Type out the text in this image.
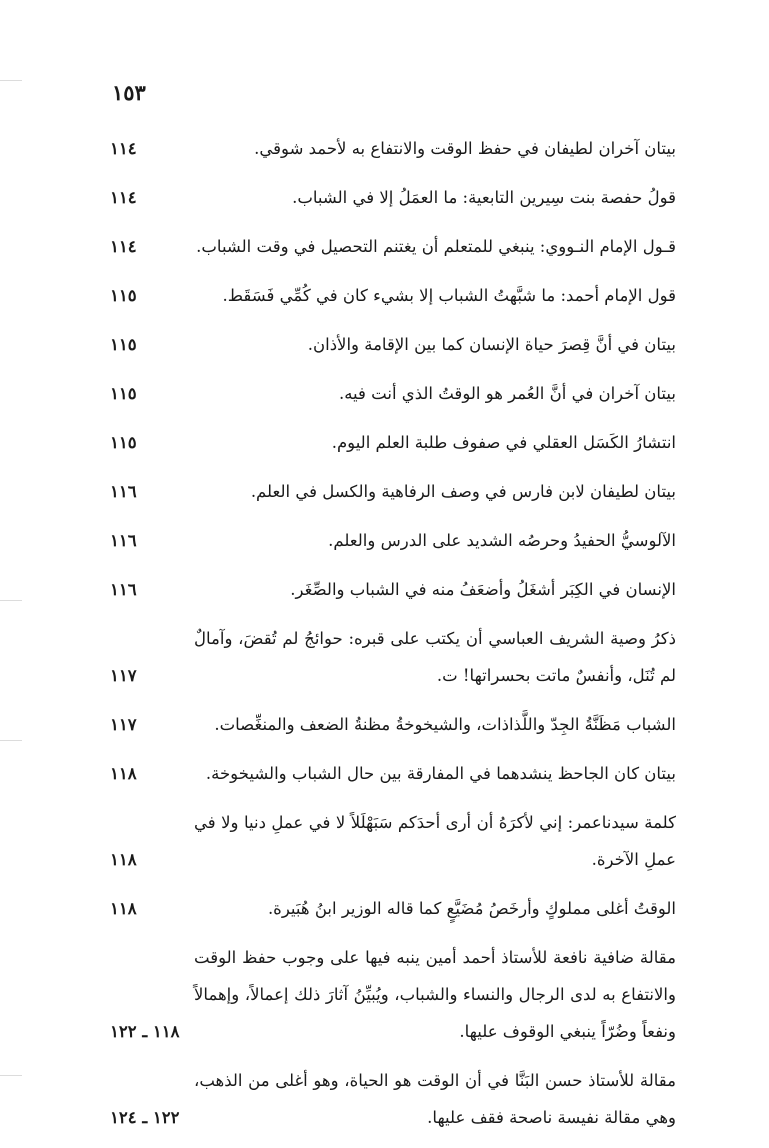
١٥٣
بيتان آخران لطيفان في حفظ الوقت والانتفاع به لأحمد شوقي.
١١٤
قولُ حفصة بنت سِيرين التابعية: ما العمَلُ إلا في الشباب.
١١٤
قـول الإمام النـووي: ينبغي للمتعلم أن يغتنم التحصيل في وقت الشباب.
١١٤
قول الإمام أحمد: ما شبَّهتُ الشباب إلا بشيء كان في كُمِّي فَسَقَط.
١١٥
بيتان في أنَّ قِصرَ حياة الإنسان كما بين الإقامة والأذان.
١١٥
بيتان آخران في أنَّ العُمر هو الوقتُ الذي أنت فيه.
١١٥
انتشارُ الكَسَل العقلي في صفوف طلبة العلم اليوم.
١١٥
بيتان لطيفان لابن فارس في وصف الرفاهية والكسل في العلم.
١١٦
الآلوسيُّ الحفيدُ وحرصُه الشديد على الدرس والعلم.
١١٦
الإنسان في الكِبَر أشغَلُ وأضعَفُ منه في الشباب والصِّغَر.
١١٦
ذكرُ وصية الشريف العباسي أن يكتب على قبره: حوائجُ لم تُقضَ، وآمالٌ لم تُنَل، وأنفسٌ ماتت بحسراتها! ت.
١١٧
الشباب مَظَنَّةُ الجِدّ واللَّذاذات، والشيخوخةُ مظنةُ الضعف والمنغِّصات.
١١٧
بيتان كان الجاحظ ينشدهما في المفارقة بين حال الشباب والشيخوخة.
١١٨
كلمة سيدناعمر: إني لأكرَهُ أن أرى أحدَكم سَبَهْلَلاً لا في عملِ دنيا ولا في عملِ الآخرة.
١١٨
الوقتُ أغلى مملوكٍ وأرخَصُ مُضَيَّعٍ كما قاله الوزير ابنُ هُبَيرة.
١١٨
مقالة ضافية نافعة للأستاذ أحمد أمين ينبه فيها على وجوب حفظ الوقت والانتفاع به لدى الرجال والنساء والشباب، ويُبيِّنُ آثارَ ذلك إعمالاً، وإهمالاً ونفعاً وضُرّاً ينبغي الوقوف عليها.
١١٨ ـ ١٢٢
مقالة للأستاذ حسن البَنَّا في أن الوقت هو الحياة، وهو أغلى من الذهب، وهي مقالة نفيسة ناصحة فقف عليها.
١٢٢ ـ ١٢٤
